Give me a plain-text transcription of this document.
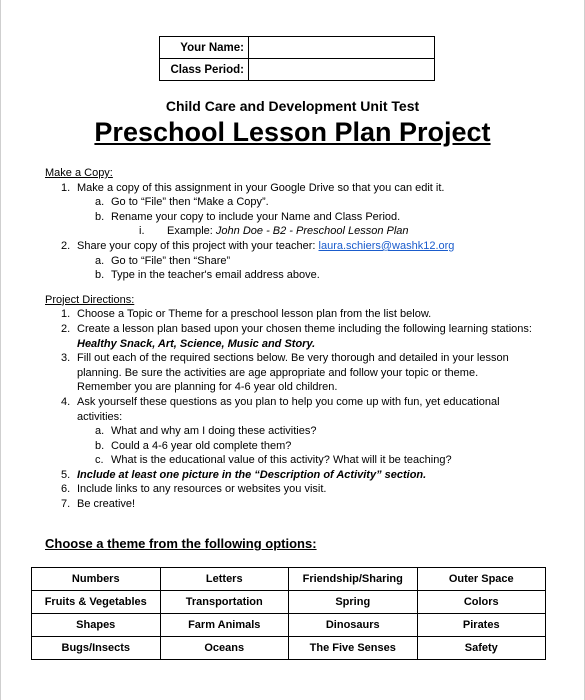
Your Name:	
Class Period:	
Child Care and Development Unit Test
Preschool Lesson Plan Project
Make a Copy:
1. Make a copy of this assignment in your Google Drive so that you can edit it.
a. Go to “File” then “Make a Copy”.
b. Rename your copy to include your Name and Class Period.
i. Example: John Doe - B2 - Preschool Lesson Plan
2. Share your copy of this project with your teacher: laura.schiers@washk12.org
a. Go to “File” then “Share”
b. Type in the teacher's email address above.
Project Directions:
1. Choose a Topic or Theme for a preschool lesson plan from the list below.
2. Create a lesson plan based upon your chosen theme including the following learning stations:
Healthy Snack, Art, Science, Music and Story.
3. Fill out each of the required sections below. Be very thorough and detailed in your lesson
planning. Be sure the activities are age appropriate and follow your topic or theme.
Remember you are planning for 4-6 year old children.
4. Ask yourself these questions as you plan to help you come up with fun, yet educational
activities:
a. What and why am I doing these activities?
b. Could a 4-6 year old complete them?
c. What is the educational value of this activity? What will it be teaching?
5. Include at least one picture in the “Description of Activity” section.
6. Include links to any resources or websites you visit.
7. Be creative!
Choose a theme from the following options:
Numbers	Letters	Friendship/Sharing	Outer Space
Fruits & Vegetables	Transportation	Spring	Colors
Shapes	Farm Animals	Dinosaurs	Pirates
Bugs/Insects	Oceans	The Five Senses	Safety
